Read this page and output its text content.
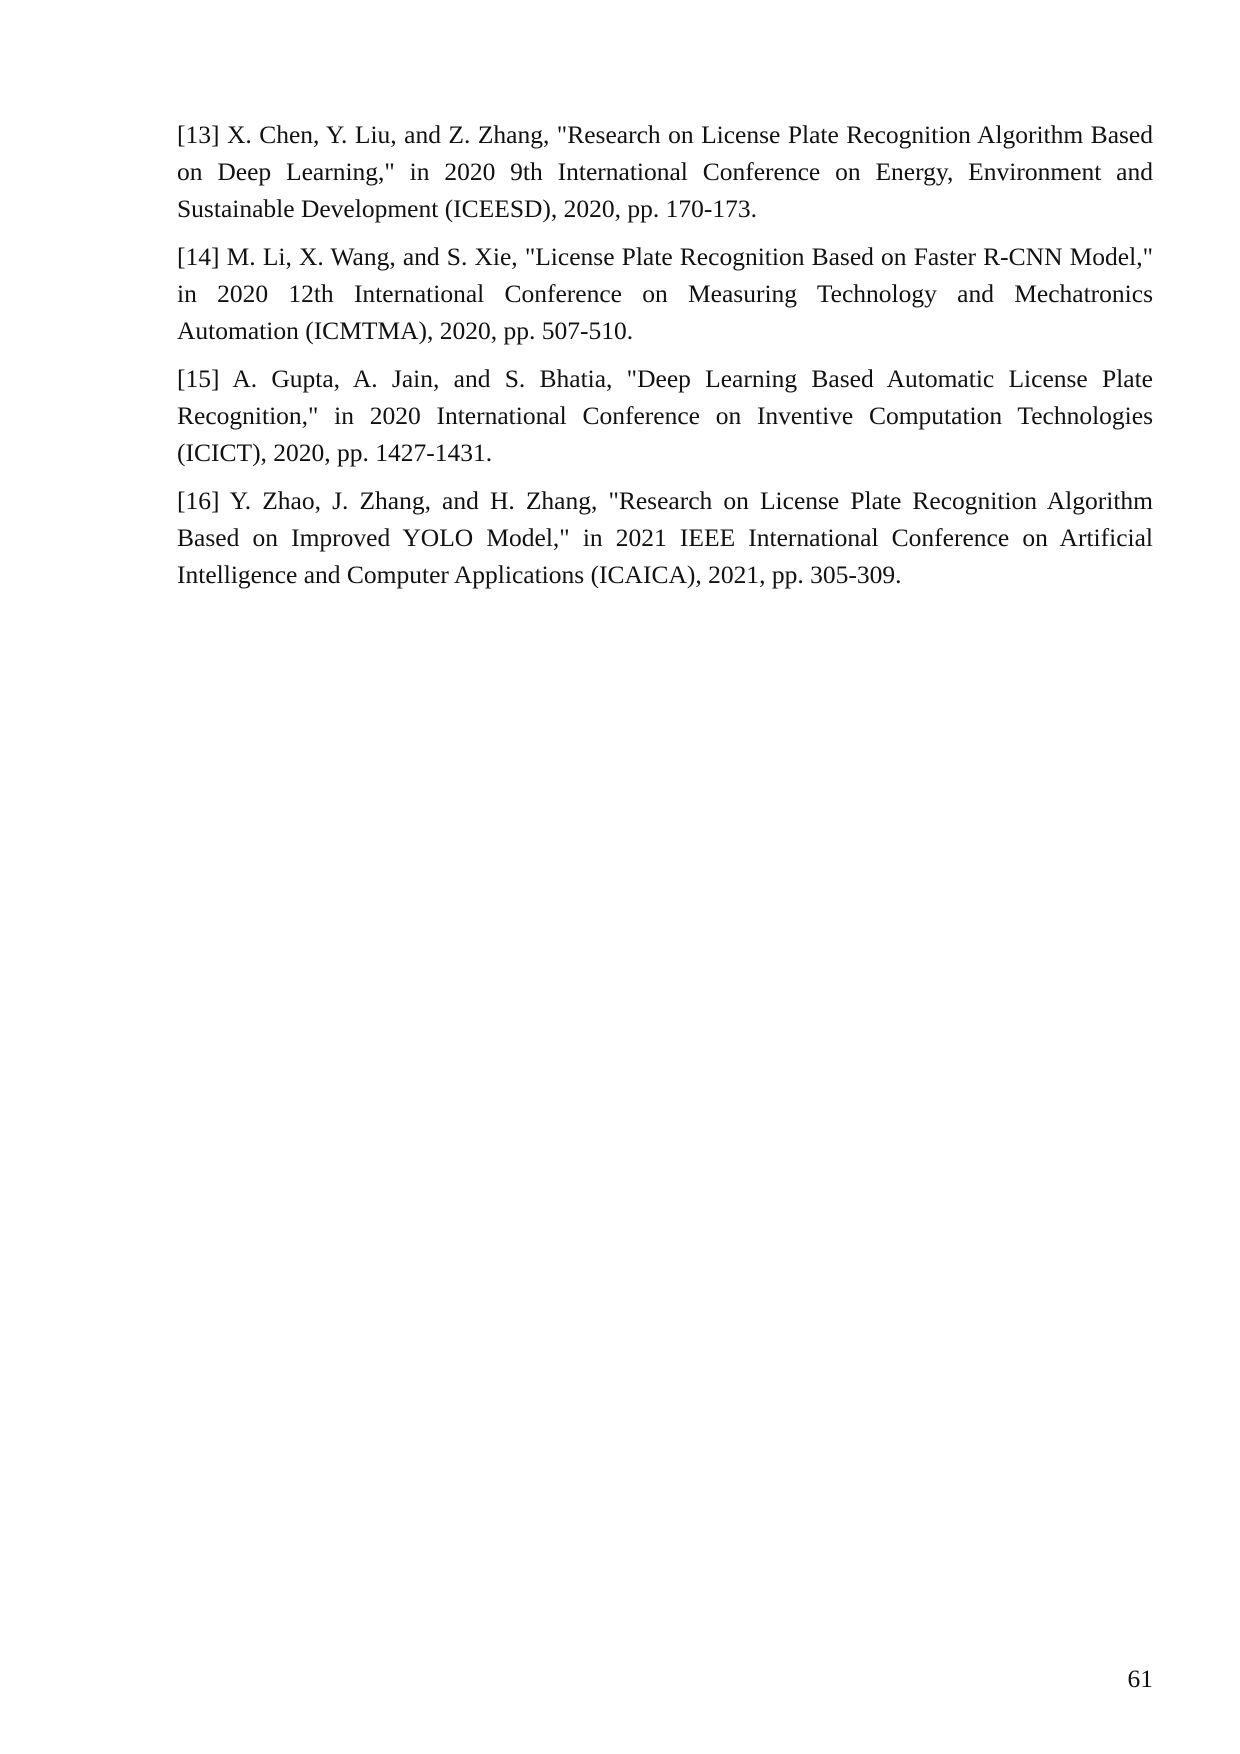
[13] X. Chen, Y. Liu, and Z. Zhang, "Research on License Plate Recognition Algorithm Based on Deep Learning," in 2020 9th International Conference on Energy, Environment and Sustainable Development (ICEESD), 2020, pp. 170-173.

[14] M. Li, X. Wang, and S. Xie, "License Plate Recognition Based on Faster R-CNN Model," in 2020 12th International Conference on Measuring Technology and Mechatronics Automation (ICMTMA), 2020, pp. 507-510.

[15] A. Gupta, A. Jain, and S. Bhatia, "Deep Learning Based Automatic License Plate Recognition," in 2020 International Conference on Inventive Computation Technologies (ICICT), 2020, pp. 1427-1431.

[16] Y. Zhao, J. Zhang, and H. Zhang, "Research on License Plate Recognition Algorithm Based on Improved YOLO Model," in 2021 IEEE International Conference on Artificial Intelligence and Computer Applications (ICAICA), 2021, pp. 305-309.

61
